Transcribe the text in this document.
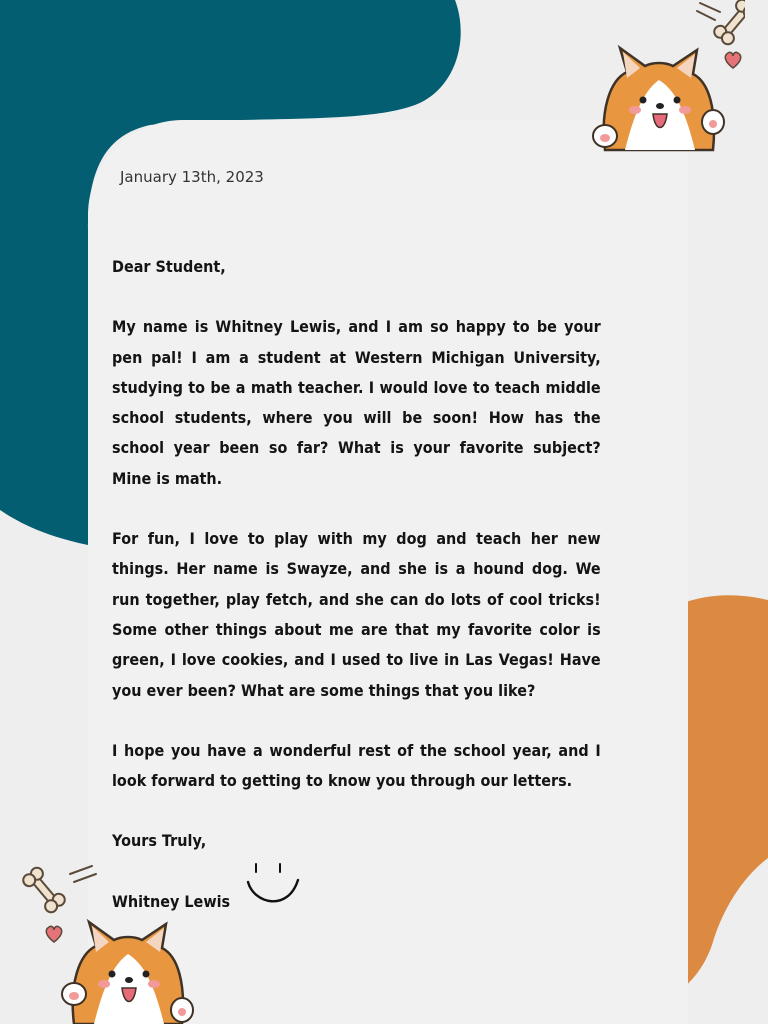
January 13th, 2023

Dear Student,

My name is Whitney Lewis, and I am so happy to be your pen pal! I am a student at Western Michigan University, studying to be a math teacher. I would love to teach middle school students, where you will be soon! How has the school year been so far? What is your favorite subject? Mine is math.

For fun, I love to play with my dog and teach her new things. Her name is Swayze, and she is a hound dog. We run together, play fetch, and she can do lots of cool tricks! Some other things about me are that my favorite color is green, I love cookies, and I used to live in Las Vegas! Have you ever been? What are some things that you like?

I hope you have a wonderful rest of the school year, and I look forward to getting to know you through our letters.

Yours Truly,

Whitney Lewis
